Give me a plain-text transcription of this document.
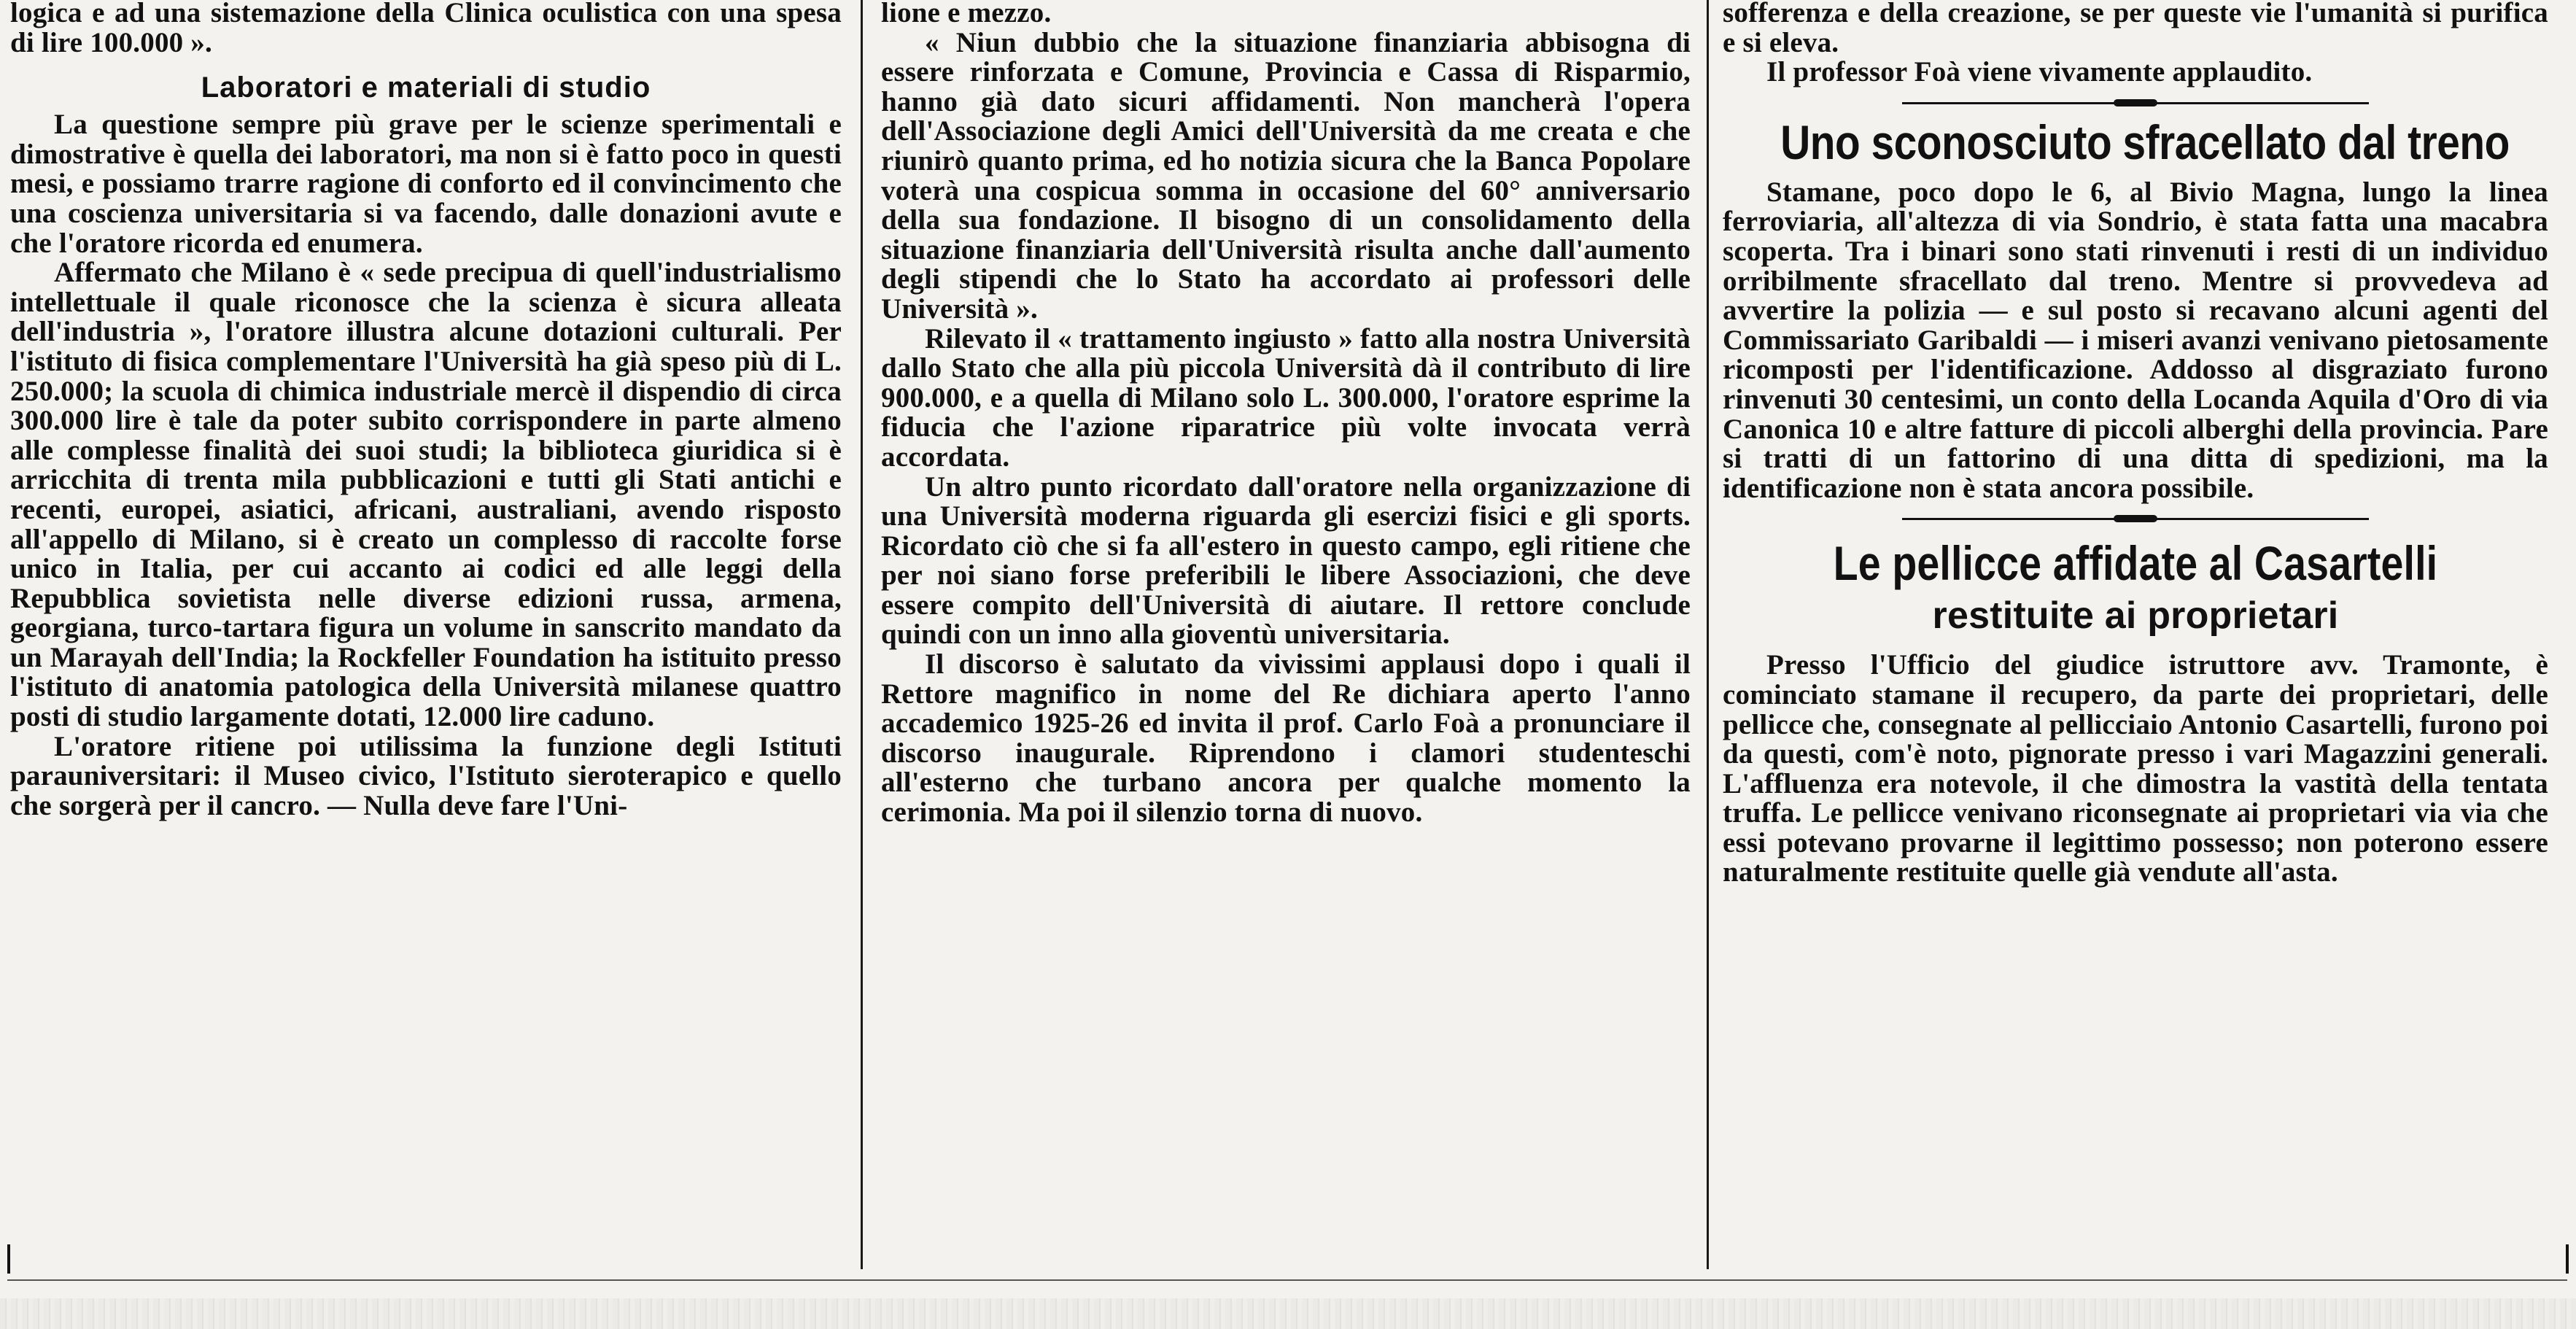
logica e ad una sistemazione della Clinica oculistica con una spesa di lire 100.000 ».

Laboratori e materiali di studio

La questione sempre più grave per le scienze sperimentali e dimostrative è quella dei laboratori, ma non si è fatto poco in questi mesi, e possiamo trarre ragione di conforto ed il convincimento che una coscienza universitaria si va facendo, dalle donazioni avute e che l'oratore ricorda ed enumera.

Affermato che Milano è « sede precipua di quell'industrialismo intellettuale il quale riconosce che la scienza è sicura alleata dell'industria », l'oratore illustra alcune dotazioni culturali. Per l'istituto di fisica complementare l'Università ha già speso più di L. 250.000; la scuola di chimica industriale mercè il dispendio di circa 300.000 lire è tale da poter subito corrispondere in parte almeno alle complesse finalità dei suoi studi; la biblioteca giuridica si è arricchita di trenta mila pubblicazioni e tutti gli Stati antichi e recenti, europei, asiatici, africani, australiani, avendo risposto all'appello di Milano, si è creato un complesso di raccolte forse unico in Italia, per cui accanto ai codici ed alle leggi della Repubblica sovietista nelle diverse edizioni russa, armena, georgiana, turco-tartara figura un volume in sanscrito mandato da un Marayah dell'India; la Rockfeller Foundation ha istituito presso l'istituto di anatomia patologica della Università milanese quattro posti di studio largamente dotati, 12.000 lire caduno.

L'oratore ritiene poi utilissima la funzione degli Istituti parauniversitari: il Museo civico, l'Istituto sieroterapico e quello che sorgerà per il cancro. — Nulla deve fare l'Uni-

lione e mezzo.

« Niun dubbio che la situazione finanziaria abbisogna di essere rinforzata e Comune, Provincia e Cassa di Risparmio, hanno già dato sicuri affidamenti. Non mancherà l'opera dell'Associazione degli Amici dell'Università da me creata e che riunirò quanto prima, ed ho notizia sicura che la Banca Popolare voterà una cospicua somma in occasione del 60° anniversario della sua fondazione. Il bisogno di un consolidamento della situazione finanziaria dell'Università risulta anche dall'aumento degli stipendi che lo Stato ha accordato ai professori delle Università ».

Rilevato il « trattamento ingiusto » fatto alla nostra Università dallo Stato che alla più piccola Università dà il contributo di lire 900.000, e a quella di Milano solo L. 300.000, l'oratore esprime la fiducia che l'azione riparatrice più volte invocata verrà accordata.

Un altro punto ricordato dall'oratore nella organizzazione di una Università moderna riguarda gli esercizi fisici e gli sports. Ricordato ciò che si fa all'estero in questo campo, egli ritiene che per noi siano forse preferibili le libere Associazioni, che deve essere compito dell'Università di aiutare. Il rettore conclude quindi con un inno alla gioventù universitaria.

Il discorso è salutato da vivissimi applausi dopo i quali il Rettore magnifico in nome del Re dichiara aperto l'anno accademico 1925-26 ed invita il prof. Carlo Foà a pronunciare il discorso inaugurale. Riprendono i clamori studenteschi all'esterno che turbano ancora per qualche momento la cerimonia. Ma poi il silenzio torna di nuovo.

sofferenza e della creazione, se per queste vie l'umanità si purifica e si eleva.

Il professor Foà viene vivamente applaudito.

Uno sconosciuto sfracellato dal treno

Stamane, poco dopo le 6, al Bivio Magna, lungo la linea ferroviaria, all'altezza di via Sondrio, è stata fatta una macabra scoperta. Tra i binari sono stati rinvenuti i resti di un individuo orribilmente sfracellato dal treno. Mentre si provvedeva ad avvertire la polizia — e sul posto si recavano alcuni agenti del Commissariato Garibaldi — i miseri avanzi venivano pietosamente ricomposti per l'identificazione. Addosso al disgraziato furono rinvenuti 30 centesimi, un conto della Locanda Aquila d'Oro di via Canonica 10 e altre fatture di piccoli alberghi della provincia. Pare si tratti di un fattorino di una ditta di spedizioni, ma la identificazione non è stata ancora possibile.

Le pellicce affidate al Casartelli
restituite ai proprietari

Presso l'Ufficio del giudice istruttore avv. Tramonte, è cominciato stamane il recupero, da parte dei proprietari, delle pellicce che, consegnate al pellicciaio Antonio Casartelli, furono poi da questi, com'è noto, pignorate presso i vari Magazzini generali. L'affluenza era notevole, il che dimostra la vastità della tentata truffa. Le pellicce venivano riconsegnate ai proprietari via via che essi potevano provarne il legittimo possesso; non poterono essere naturalmente restituite quelle già vendute all'asta.
